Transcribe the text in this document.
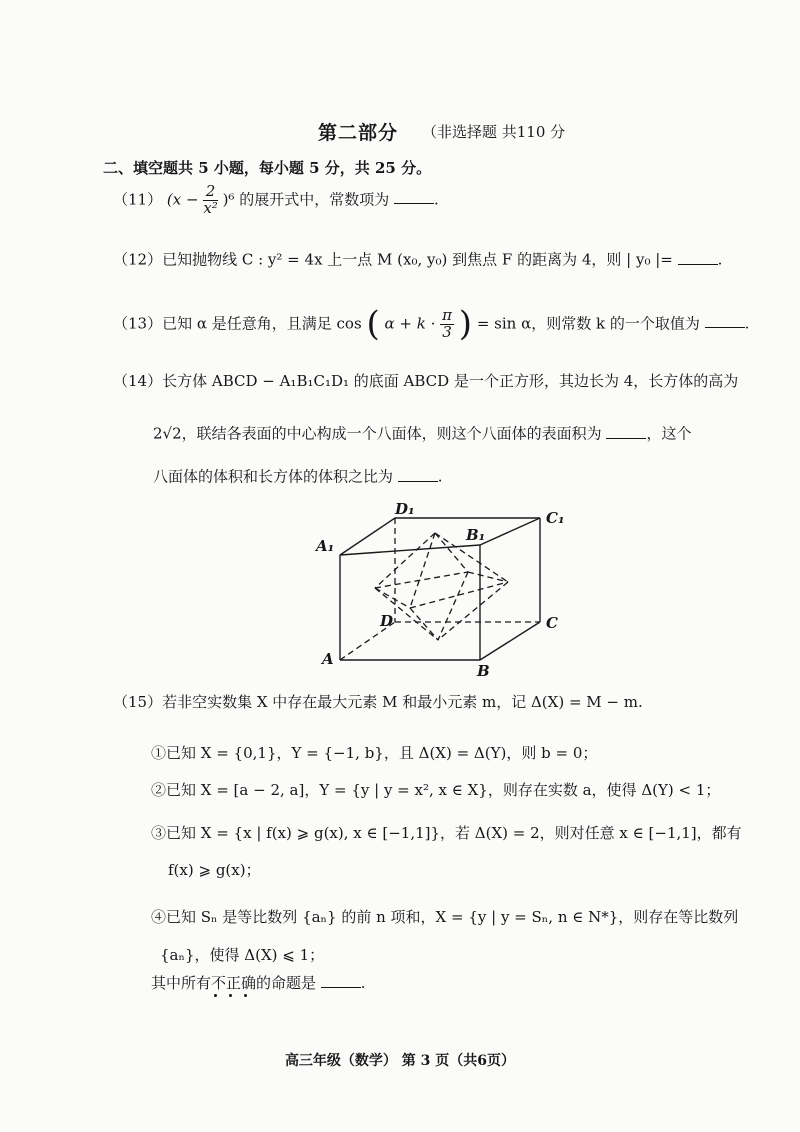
第二部分 （非选择题 共110 分
二、填空题共 5 小题，每小题 5 分，共 25 分。
（11） $(x - \frac{2}{\text{x²}} )^6$ 的展开式中，常数项为	.
（12）已知抛物线 C : y² = 4x 上一点 M (x₀, y₀) 到焦点 F 的距离为 4，则 | y₀ |=	.
（13）已知 α 是任意角，且满足 cos ( $\alpha + k \cdot \frac{\pi}{3}$ ) = sin α，则常数 k 的一个取值为	.
（14）长方体 ABCD − A₁B₁C₁D₁ 的底面 ABCD 是一个正方形，其边长为 4，长方体的高为
2√2，联结各表面的中心构成一个八面体，则这个八面体的表面积为	，这个
八面体的体积和长方体的体积之比为	.
A₁
D₁
B₁
C₁
C
D
A
B
（15）若非空实数集 X 中存在最大元素 M 和最小元素 m，记 Δ(X) = M − m.
①已知 X = {0,1}，Y = {−1, b}，且 Δ(X) = Δ(Y)，则 b = 0；
②已知 X = [a − 2, a]，Y = {y | y = x², x ∈ X}，则存在实数 a，使得 Δ(Y) < 1；
③已知 X = {x | f(x) ⩾ g(x), x ∈ [−1,1]}，若 Δ(X) = 2，则对任意 x ∈ [−1,1]，都有
f(x) ⩾ g(x)；
④已知 Sₙ 是等比数列 {aₙ} 的前 n 项和，X = {y | y = Sₙ, n ∈ N*}，则存在等比数列
{aₙ}，使得 Δ(X) ⩽ 1；
其中所有不正确的命题是	.
高三年级（数学） 第 3 页（共6页）
